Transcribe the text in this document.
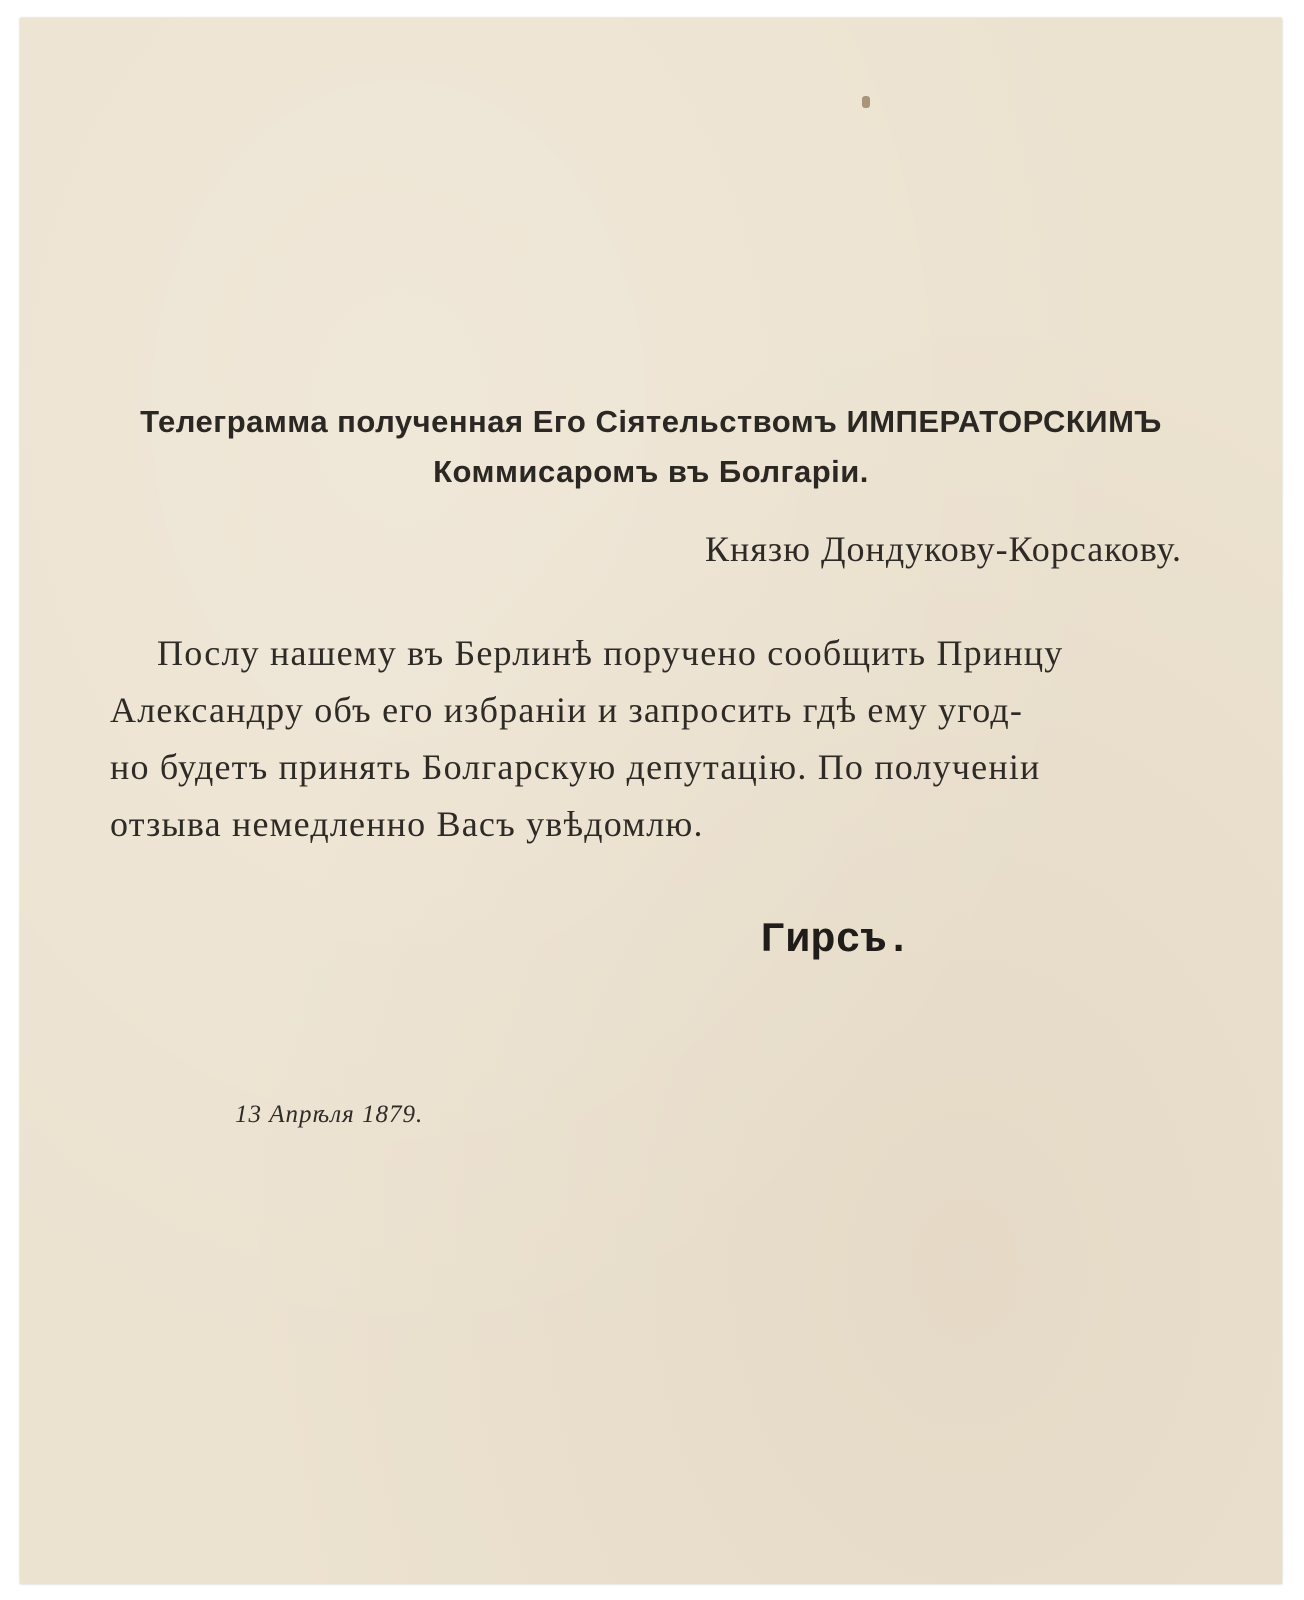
Телеграмма полученная Его Сіятельствомъ ИМПЕРАТОРСКИМЪ
Коммисаромъ въ Болгаріи.
Князю Дондукову-Корсакову.
Послу нашему въ Берлинѣ поручено сообщить Принцу
Александру объ его избраніи и запросить гдѣ ему угод-
но будетъ принять Болгарскую депутацію. По полученіи
отзыва немедленно Васъ увѣдомлю.
Гирсъ.
13 Апрѣля 1879.
